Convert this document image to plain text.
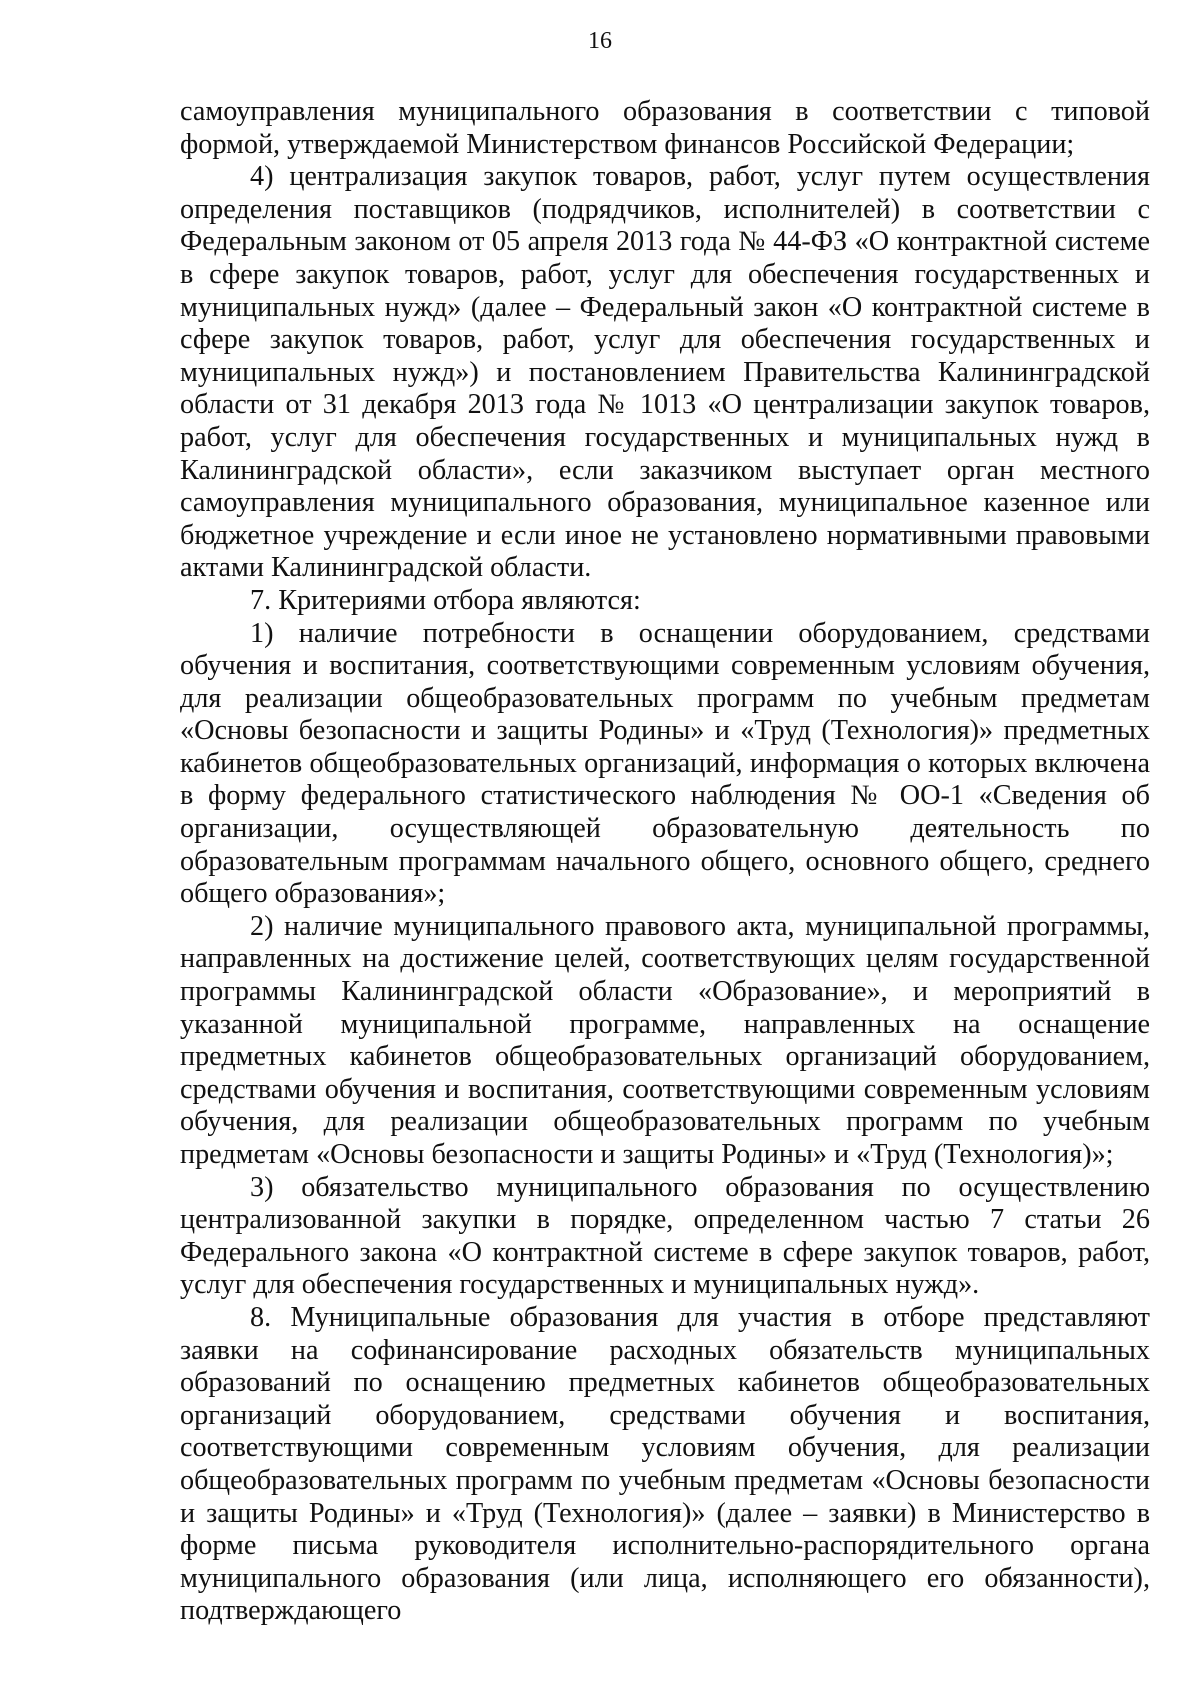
16

самоуправления муниципального образования в соответствии с типовой формой, утверждаемой Министерством финансов Российской Федерации;

4) централизация закупок товаров, работ, услуг путем осуществления определения поставщиков (подрядчиков, исполнителей) в соответствии с Федеральным законом от 05 апреля 2013 года № 44-ФЗ «О контрактной системе в сфере закупок товаров, работ, услуг для обеспечения государственных и муниципальных нужд» (далее – Федеральный закон «О контрактной системе в сфере закупок товаров, работ, услуг для обеспечения государственных и муниципальных нужд») и постановлением Правительства Калининградской области от 31 декабря 2013 года № 1013 «О централизации закупок товаров, работ, услуг для обеспечения государственных и муниципальных нужд в Калининградской области», если заказчиком выступает орган местного самоуправления муниципального образования, муниципальное казенное или бюджетное учреждение и если иное не установлено нормативными правовыми актами Калининградской области.

7. Критериями отбора являются:

1) наличие потребности в оснащении оборудованием, средствами обучения и воспитания, соответствующими современным условиям обучения, для реализации общеобразовательных программ по учебным предметам «Основы безопасности и защиты Родины» и «Труд (Технология)» предметных кабинетов общеобразовательных организаций, информация о которых включена в форму федерального статистического наблюдения № ОО-1 «Сведения об организации, осуществляющей образовательную деятельность по образовательным программам начального общего, основного общего, среднего общего образования»;

2) наличие муниципального правового акта, муниципальной программы, направленных на достижение целей, соответствующих целям государственной программы Калининградской области «Образование», и мероприятий в указанной муниципальной программе, направленных на оснащение предметных кабинетов общеобразовательных организаций оборудованием, средствами обучения и воспитания, соответствующими современным условиям обучения, для реализации общеобразовательных программ по учебным предметам «Основы безопасности и защиты Родины» и «Труд (Технология)»;

3) обязательство муниципального образования по осуществлению централизованной закупки в порядке, определенном частью 7 статьи 26 Федерального закона «О контрактной системе в сфере закупок товаров, работ, услуг для обеспечения государственных и муниципальных нужд».

8. Муниципальные образования для участия в отборе представляют заявки на софинансирование расходных обязательств муниципальных образований по оснащению предметных кабинетов общеобразовательных организаций оборудованием, средствами обучения и воспитания, соответствующими современным условиям обучения, для реализации общеобразовательных программ по учебным предметам «Основы безопасности и защиты Родины» и «Труд (Технология)» (далее – заявки) в Министерство в форме письма руководителя исполнительно-распорядительного органа муниципального образования (или лица, исполняющего его обязанности), подтверждающего
